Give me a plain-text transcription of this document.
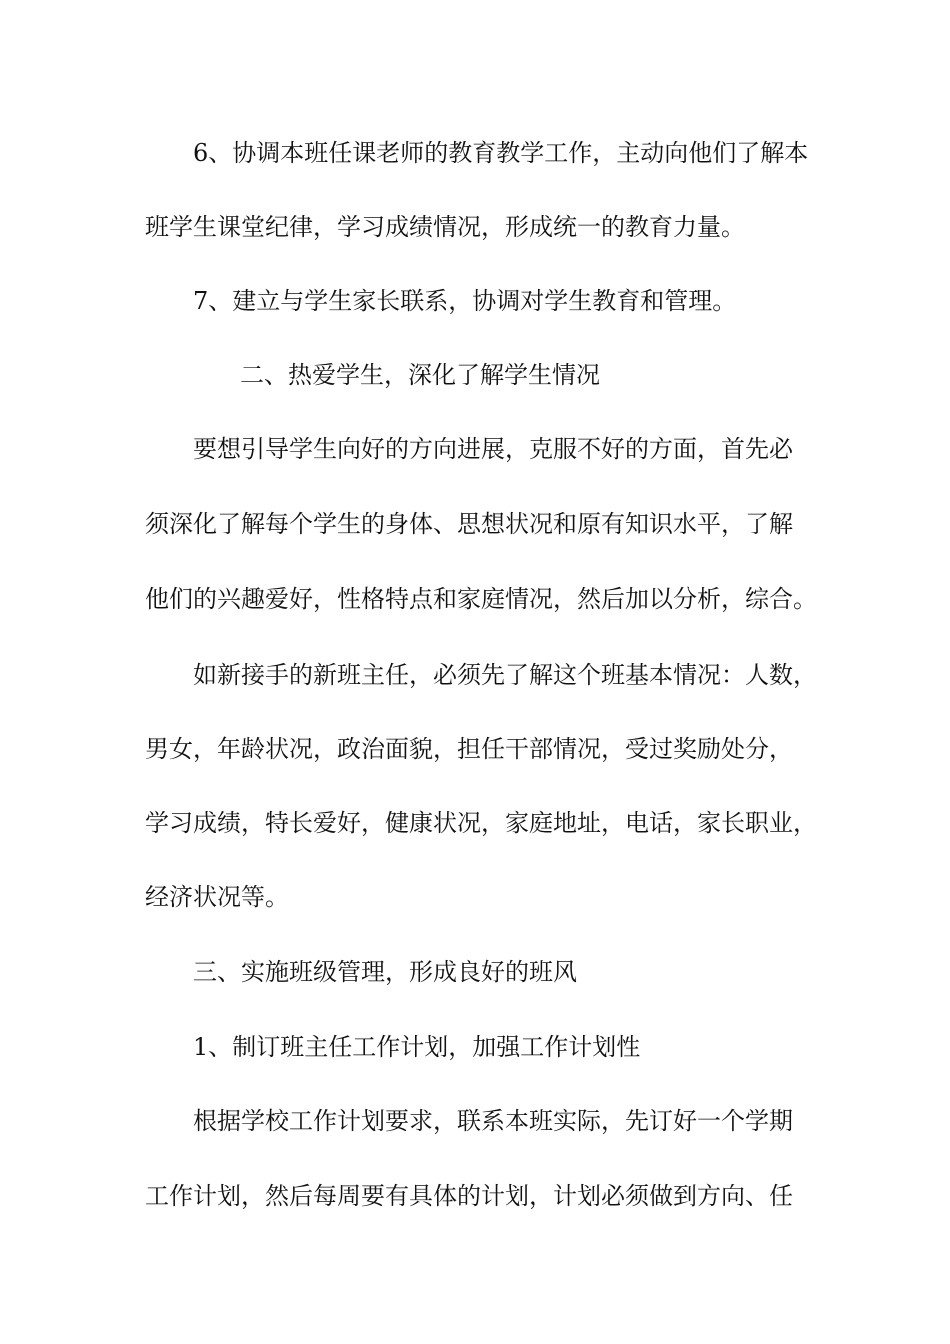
6、协调本班任课老师的教育教学工作，主动向他们了解本
班学生课堂纪律，学习成绩情况，形成统一的教育力量。
7、建立与学生家长联系，协调对学生教育和管理。
二、热爱学生，深化了解学生情况
要想引导学生向好的方向进展，克服不好的方面，首先必
须深化了解每个学生的身体、思想状况和原有知识水平，了解
他们的兴趣爱好，性格特点和家庭情况，然后加以分析，综合。
如新接手的新班主任，必须先了解这个班基本情况：人数，
男女，年龄状况，政治面貌，担任干部情况，受过奖励处分，
学习成绩，特长爱好，健康状况，家庭地址，电话，家长职业，
经济状况等。
三、实施班级管理，形成良好的班风
1、制订班主任工作计划，加强工作计划性
根据学校工作计划要求，联系本班实际，先订好一个学期
工作计划，然后每周要有具体的计划，计划必须做到方向、任
